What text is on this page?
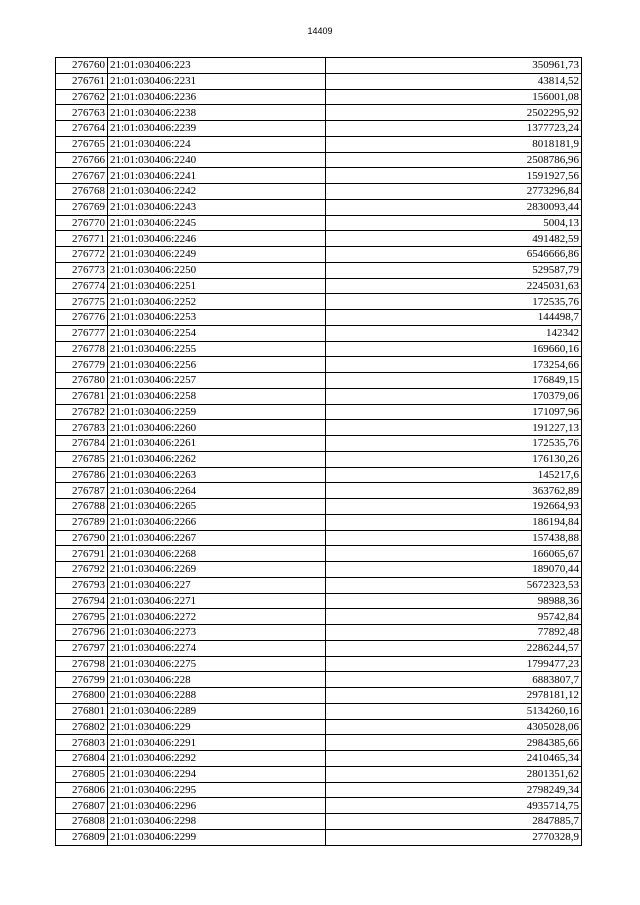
14409
276760	21:01:030406:223	350961,73
276761	21:01:030406:2231	43814,52
276762	21:01:030406:2236	156001,08
276763	21:01:030406:2238	2502295,92
276764	21:01:030406:2239	1377723,24
276765	21:01:030406:224	8018181,9
276766	21:01:030406:2240	2508786,96
276767	21:01:030406:2241	1591927,56
276768	21:01:030406:2242	2773296,84
276769	21:01:030406:2243	2830093,44
276770	21:01:030406:2245	5004,13
276771	21:01:030406:2246	491482,59
276772	21:01:030406:2249	6546666,86
276773	21:01:030406:2250	529587,79
276774	21:01:030406:2251	2245031,63
276775	21:01:030406:2252	172535,76
276776	21:01:030406:2253	144498,7
276777	21:01:030406:2254	142342
276778	21:01:030406:2255	169660,16
276779	21:01:030406:2256	173254,66
276780	21:01:030406:2257	176849,15
276781	21:01:030406:2258	170379,06
276782	21:01:030406:2259	171097,96
276783	21:01:030406:2260	191227,13
276784	21:01:030406:2261	172535,76
276785	21:01:030406:2262	176130,26
276786	21:01:030406:2263	145217,6
276787	21:01:030406:2264	363762,89
276788	21:01:030406:2265	192664,93
276789	21:01:030406:2266	186194,84
276790	21:01:030406:2267	157438,88
276791	21:01:030406:2268	166065,67
276792	21:01:030406:2269	189070,44
276793	21:01:030406:227	5672323,53
276794	21:01:030406:2271	98988,36
276795	21:01:030406:2272	95742,84
276796	21:01:030406:2273	77892,48
276797	21:01:030406:2274	2286244,57
276798	21:01:030406:2275	1799477,23
276799	21:01:030406:228	6883807,7
276800	21:01:030406:2288	2978181,12
276801	21:01:030406:2289	5134260,16
276802	21:01:030406:229	4305028,06
276803	21:01:030406:2291	2984385,66
276804	21:01:030406:2292	2410465,34
276805	21:01:030406:2294	2801351,62
276806	21:01:030406:2295	2798249,34
276807	21:01:030406:2296	4935714,75
276808	21:01:030406:2298	2847885,7
276809	21:01:030406:2299	2770328,9
